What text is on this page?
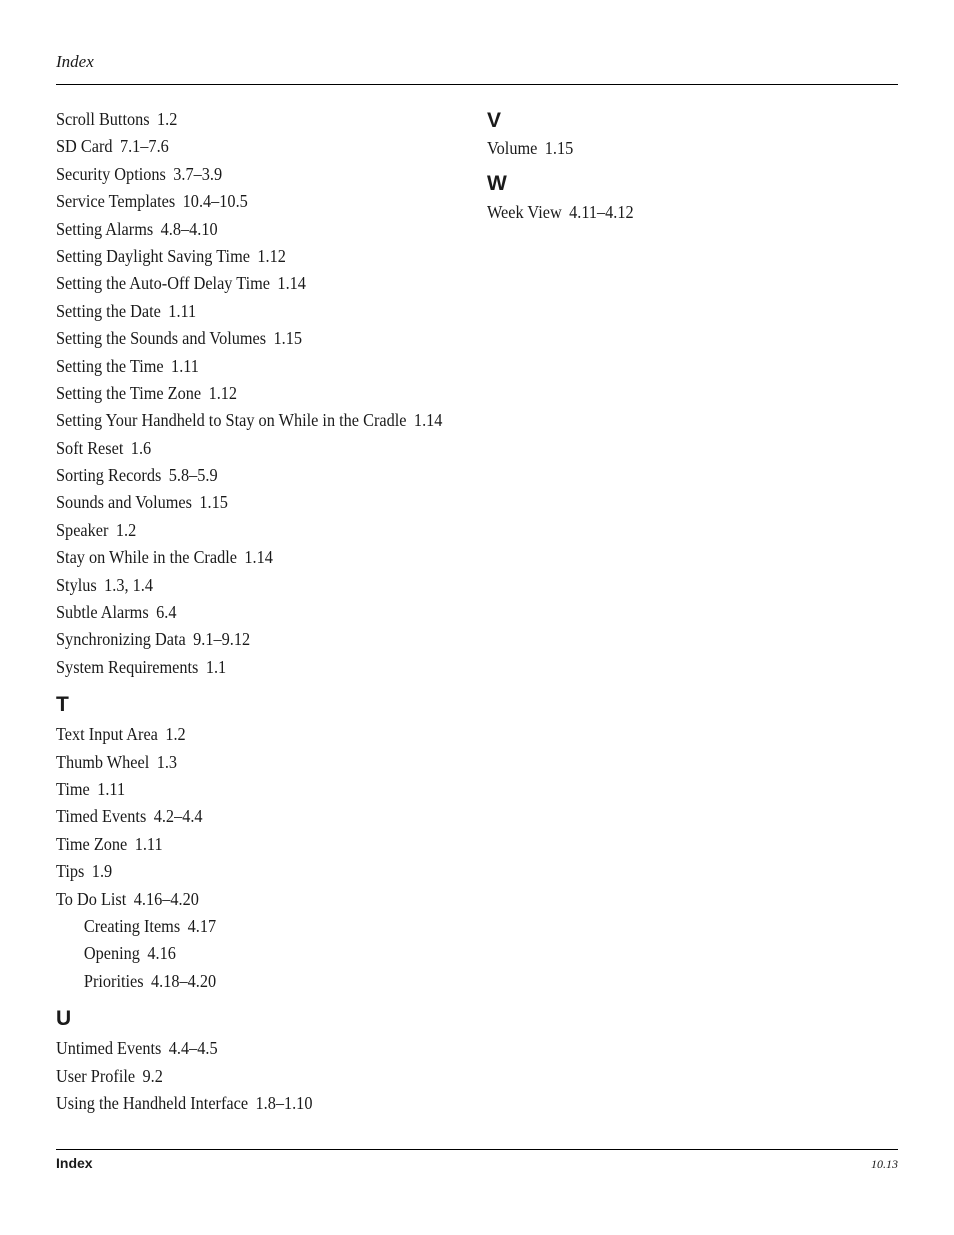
Index
Scroll Buttons 1.2
SD Card 7.1–7.6
Security Options 3.7–3.9
Service Templates 10.4–10.5
Setting Alarms 4.8–4.10
Setting Daylight Saving Time 1.12
Setting the Auto-Off Delay Time 1.14
Setting the Date 1.11
Setting the Sounds and Volumes 1.15
Setting the Time 1.11
Setting the Time Zone 1.12
Setting Your Handheld to Stay on While in the Cradle 1.14
Soft Reset 1.6
Sorting Records 5.8–5.9
Sounds and Volumes 1.15
Speaker 1.2
Stay on While in the Cradle 1.14
Stylus 1.3, 1.4
Subtle Alarms 6.4
Synchronizing Data 9.1–9.12
System Requirements 1.1
T
Text Input Area 1.2
Thumb Wheel 1.3
Time 1.11
Timed Events 4.2–4.4
Time Zone 1.11
Tips 1.9
To Do List 4.16–4.20
Creating Items 4.17
Opening 4.16
Priorities 4.18–4.20
U
Untimed Events 4.4–4.5
User Profile 9.2
Using the Handheld Interface 1.8–1.10
V
Volume 1.15
W
Week View 4.11–4.12
Index	10.13
